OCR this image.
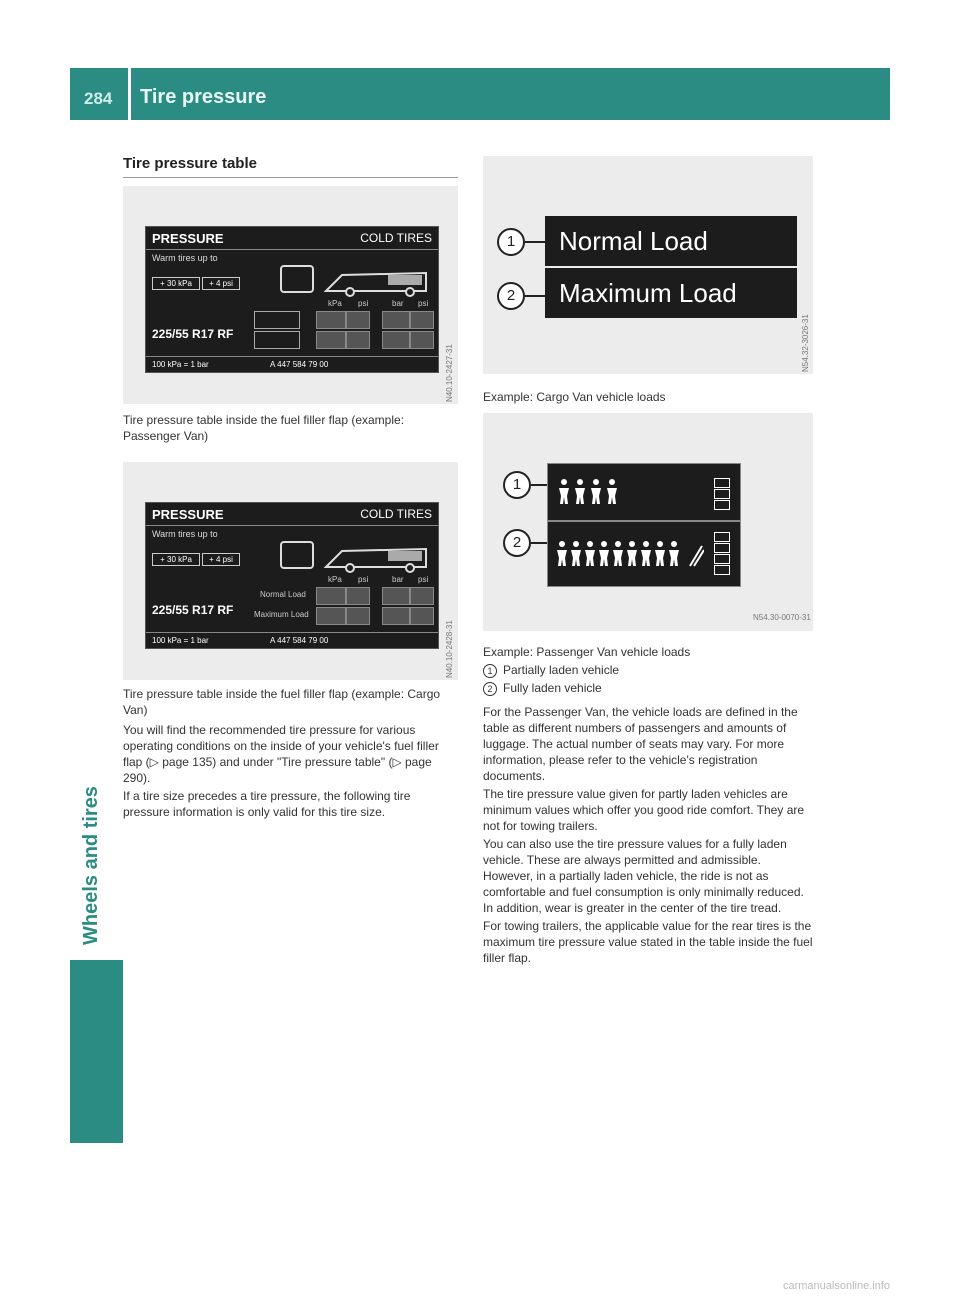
284 Tire pressure
Wheels and tires
Tire pressure table
PRESSURE	COLD TIRES
Warm tires up to
+ 30 kPa	+ 4 psi
kPa psi	bar psi
225/55 R17 RF
100 kPa = 1 bar	A 447 584 79 00	N40.10-2427-31
Tire pressure table inside the fuel filler flap (example: Passenger Van)
PRESSURE	COLD TIRES
Warm tires up to
+ 30 kPa	+ 4 psi
kPa psi	bar psi
225/55 R17 RF
Normal Load
Maximum Load
100 kPa = 1 bar	A 447 584 79 00	N40.10-2428-31
Tire pressure table inside the fuel filler flap (example: Cargo Van)

You will find the recommended tire pressure for various operating conditions on the inside of your vehicle's fuel filler flap (▷ page 135) and under "Tire pressure table" (▷ page 290).

If a tire size precedes a tire pressure, the following tire pressure information is only valid for this tire size.

1	Normal Load
2	Maximum Load
N54.32-3026-31
Example: Cargo Van vehicle loads
1
2
N54.30-0070-31
Example: Passenger Van vehicle loads

1 Partially laden vehicle

2 Fully laden vehicle

For the Passenger Van, the vehicle loads are defined in the table as different numbers of passengers and amounts of luggage. The actual number of seats may vary. For more information, please refer to the vehicle's registration documents.

The tire pressure value given for partly laden vehicles are minimum values which offer you good ride comfort. They are not for towing trailers.

You can also use the tire pressure values for a fully laden vehicle. These are always permitted and admissible. However, in a partially laden vehicle, the ride is not as comfortable and fuel consumption is only minimally reduced. In addition, wear is greater in the center of the tire tread.

For towing trailers, the applicable value for the rear tires is the maximum tire pressure value stated in the table inside the fuel filler flap.

carmanualsonline.info
